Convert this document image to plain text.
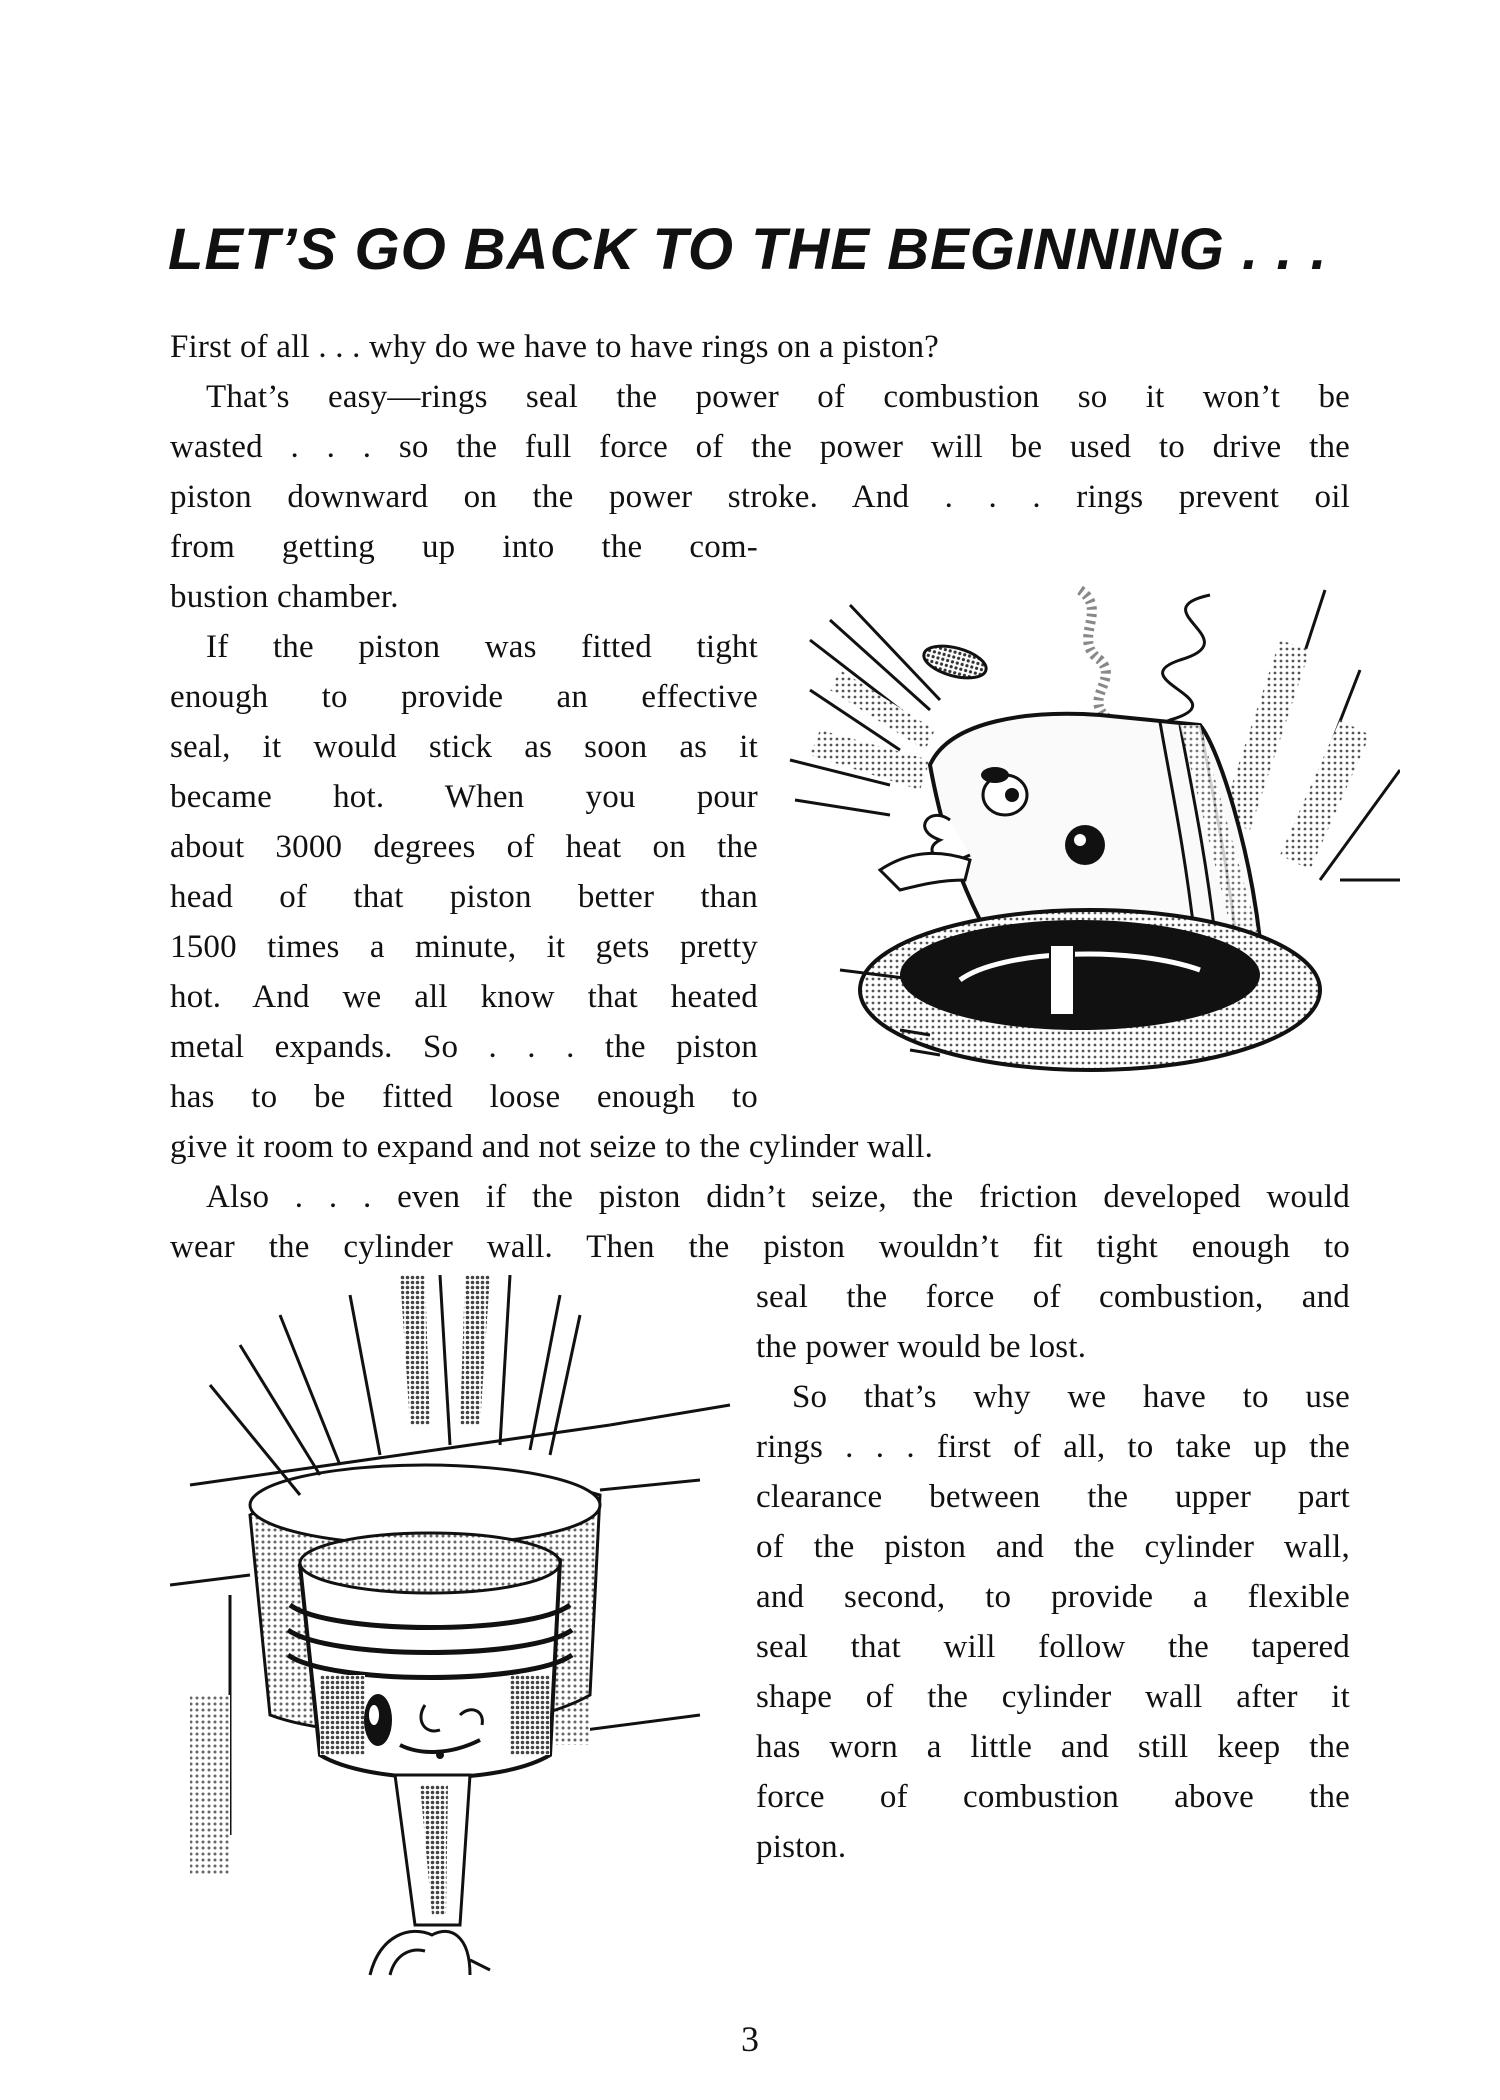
LET’S GO BACK TO THE BEGINNING . . .
First of all . . . why do we have to have rings on a piston?
That’s easy—rings seal the power of combustion so it won’t be
wasted . . . so the full force of the power will be used to drive the
piston downward on the power stroke. And . . . rings prevent oil
from getting up into the com-
bustion chamber.
If the piston was fitted tight
enough to provide an effective
seal, it would stick as soon as it
became hot. When you pour
about 3000 degrees of heat on the
head of that piston better than
1500 times a minute, it gets pretty
hot. And we all know that heated
metal expands. So . . . the piston
has to be fitted loose enough to
give it room to expand and not seize to the cylinder wall.
Also . . . even if the piston didn’t seize, the friction developed would
wear the cylinder wall. Then the piston wouldn’t fit tight enough to
seal the force of combustion, and
the power would be lost.
So that’s why we have to use
rings . . . first of all, to take up the
clearance between the upper part
of the piston and the cylinder wall,
and second, to provide a flexible
seal that will follow the tapered
shape of the cylinder wall after it
has worn a little and still keep the
force of combustion above the
piston.
3
